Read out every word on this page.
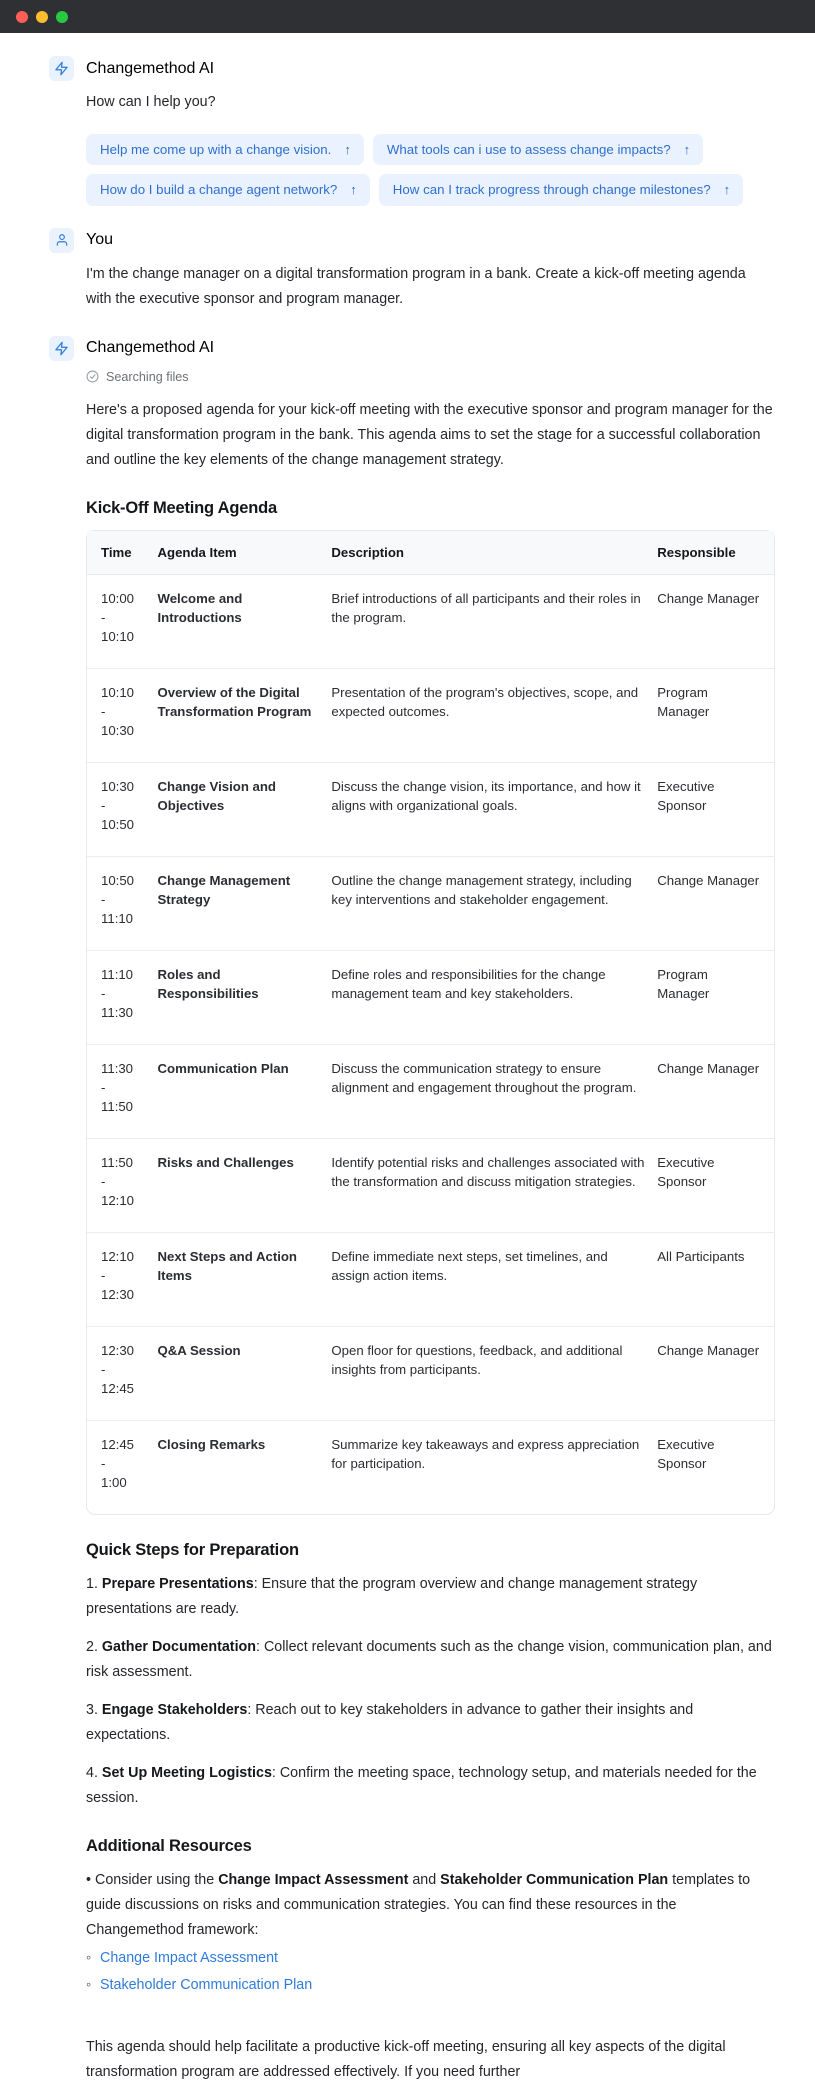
Changemethod AI
How can I help you?
Help me come up with a change vision. ↑	What tools can i use to assess change impacts? ↑
How do I build a change agent network? ↑	How can I track progress through change milestones? ↑
You
I'm the change manager on a digital transformation program in a bank. Create a kick-off meeting agenda with the executive sponsor and program manager.
Changemethod AI
Searching files
Here's a proposed agenda for your kick-off meeting with the executive sponsor and program manager for the digital transformation program in the bank. This agenda aims to set the stage for a successful collaboration and outline the key elements of the change management strategy.
Kick-Off Meeting Agenda
Time	Agenda Item	Description	Responsible

10:00
-
10:10	Welcome and Introductions	Brief introductions of all participants and their roles in the program.	Change Manager

10:10
-
10:30	Overview of the Digital Transformation Program	Presentation of the program's objectives, scope, and expected outcomes.	Program Manager

10:30
-
10:50	Change Vision and Objectives	Discuss the change vision, its importance, and how it aligns with organizational goals.	Executive Sponsor

10:50
-
11:10	Change Management Strategy	Outline the change management strategy, including key interventions and stakeholder engagement.	Change Manager

11:10
-
11:30	Roles and Responsibilities	Define roles and responsibilities for the change management team and key stakeholders.	Program Manager

11:30
-
11:50	Communication Plan	Discuss the communication strategy to ensure alignment and engagement throughout the program.	Change Manager

11:50
-
12:10	Risks and Challenges	Identify potential risks and challenges associated with the transformation and discuss mitigation strategies.	Executive Sponsor

12:10
-
12:30	Next Steps and Action Items	Define immediate next steps, set timelines, and assign action items.	All Participants

12:30
-
12:45	Q&A Session	Open floor for questions, feedback, and additional insights from participants.	Change Manager

12:45
-
1:00	Closing Remarks	Summarize key takeaways and express appreciation for participation.	Executive Sponsor
Quick Steps for Preparation
1. Prepare Presentations: Ensure that the program overview and change management strategy presentations are ready.
2. Gather Documentation: Collect relevant documents such as the change vision, communication plan, and risk assessment.
3. Engage Stakeholders: Reach out to key stakeholders in advance to gather their insights and expectations.
4. Set Up Meeting Logistics: Confirm the meeting space, technology setup, and materials needed for the session.
Additional Resources

• Consider using the Change Impact Assessment and Stakeholder Communication Plan templates to guide discussions on risks and communication strategies. You can find these resources in the Changemethod framework:

◦ Change Impact Assessment
◦ Stakeholder Communication Plan
This agenda should help facilitate a productive kick-off meeting, ensuring all key aspects of the digital transformation program are addressed effectively. If you need further
